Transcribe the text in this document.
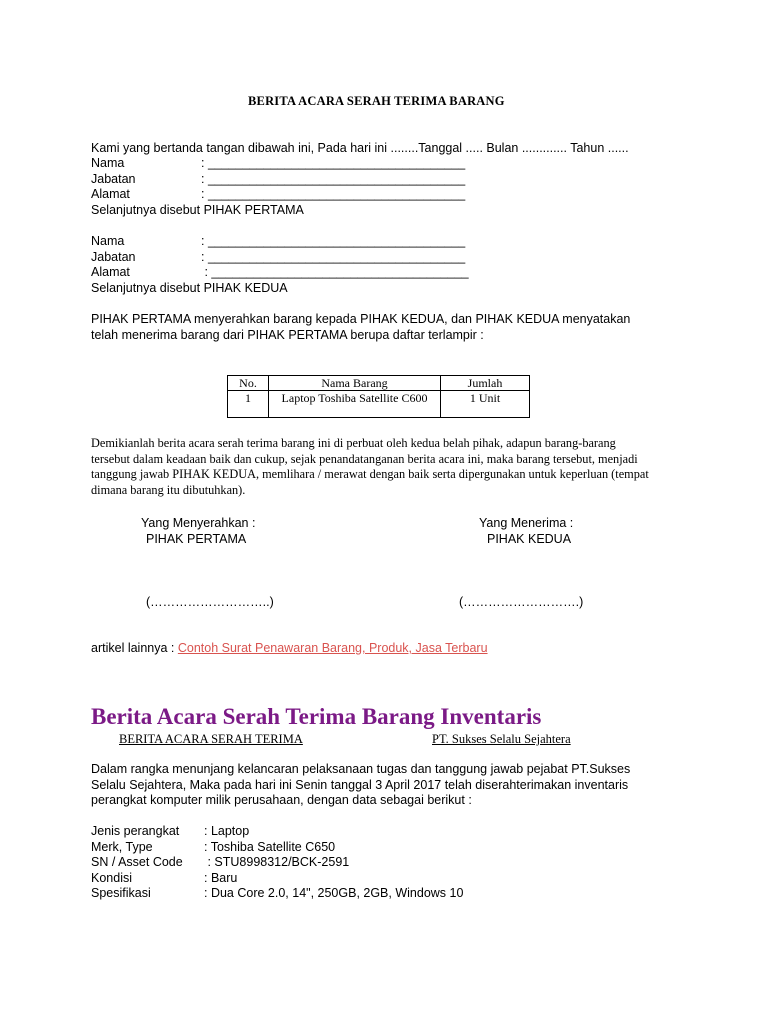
BERITA ACARA SERAH TERIMA BARANG
Kami yang bertanda tangan dibawah ini, Pada hari ini ........Tanggal ..... Bulan ............. Tahun ......
Nama	: _____________________________________
Jabatan	: _____________________________________
Alamat	: _____________________________________
Selanjutnya disebut PIHAK PERTAMA
Nama	: _____________________________________
Jabatan	: _____________________________________
Alamat	: _____________________________________
Selanjutnya disebut PIHAK KEDUA
PIHAK PERTAMA menyerahkan barang kepada PIHAK KEDUA, dan PIHAK KEDUA menyatakan
telah menerima barang dari PIHAK PERTAMA berupa daftar terlampir :
No.	Nama Barang	Jumlah
1	Laptop Toshiba Satellite C600	1 Unit
Demikianlah berita acara serah terima barang ini di perbuat oleh kedua belah pihak, adapun barang-barang
tersebut dalam keadaan baik dan cukup, sejak penandatanganan berita acara ini, maka barang tersebut, menjadi
tanggung jawab PIHAK KEDUA, memlihara / merawat dengan baik serta dipergunakan untuk keperluan (tempat
dimana barang itu dibutuhkan).
Yang Menyerahkan :
PIHAK PERTAMA
Yang Menerima :
PIHAK KEDUA
(………………………..)	(……………………….)
artikel lainnya : Contoh Surat Penawaran Barang, Produk, Jasa Terbaru
Berita Acara Serah Terima Barang Inventaris
BERITA ACARA SERAH TERIMA	PT. Sukses Selalu Sejahtera
Dalam rangka menunjang kelancaran pelaksanaan tugas dan tanggung jawab pejabat PT.Sukses
Selalu Sejahtera, Maka pada hari ini Senin tanggal 3 April 2017 telah diserahterimakan inventaris
perangkat komputer milik perusahaan, dengan data sebagai berikut :
Jenis perangkat : Laptop
Merk, Type	: Toshiba Satellite C650
SN / Asset Code : STU8998312/BCK-2591
Kondisi	: Baru
Spesifikasi	: Dua Core 2.0, 14", 250GB, 2GB, Windows 10
